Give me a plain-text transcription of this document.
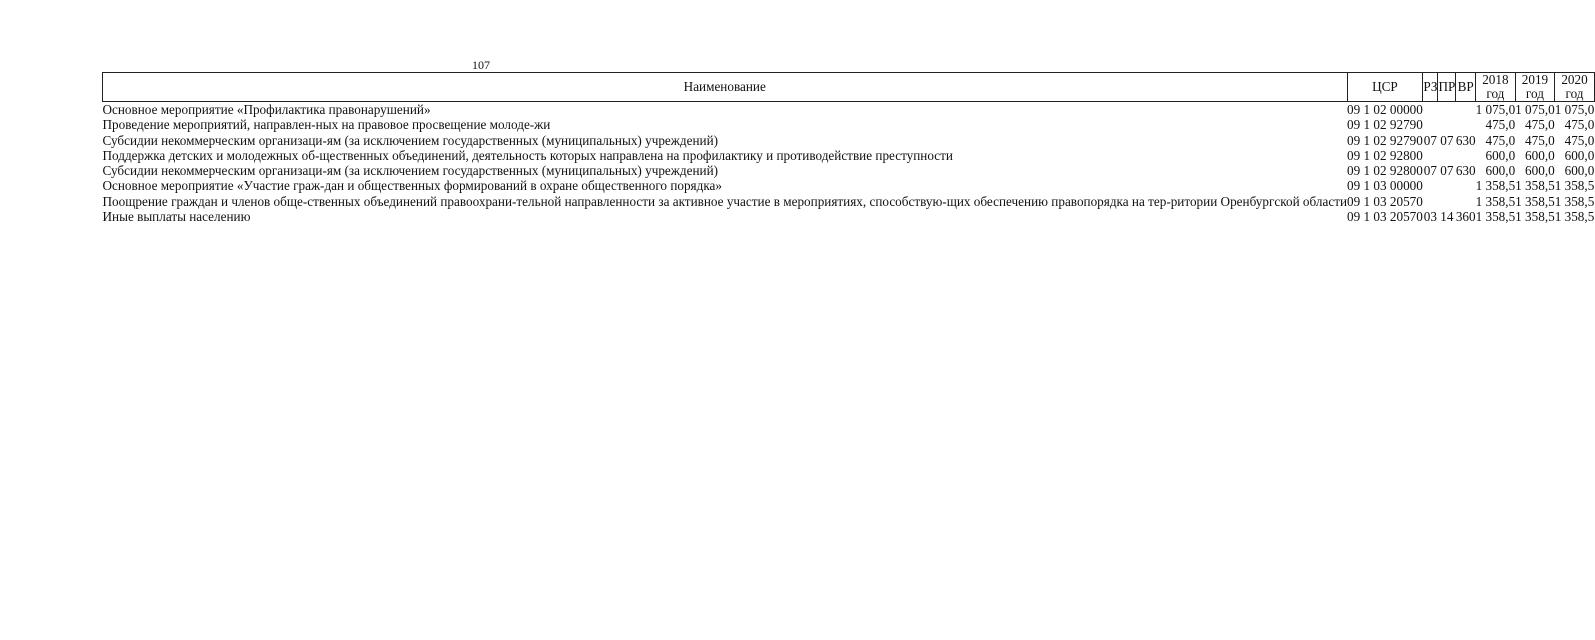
107
Наименование	ЦСР	РЗ	ПР	ВР	2018 год	2019 год	2020 год
Основное мероприятие «Профилактика правонарушений»	09 1 02 00000				1 075,0	1 075,0	1 075,0
Проведение мероприятий, направлен-ных на правовое просвещение молоде-жи	09 1 02 92790				475,0	475,0	475,0
Субсидии некоммерческим организаци-ям (за исключением государственных (муниципальных) учреждений)	09 1 02 92790	07	07	630	475,0	475,0	475,0
Поддержка детских и молодежных об-щественных объединений, деятельность которых направлена на профилактику и противодействие преступности	09 1 02 92800				600,0	600,0	600,0
Субсидии некоммерческим организаци-ям (за исключением государственных (муниципальных) учреждений)	09 1 02 92800	07	07	630	600,0	600,0	600,0
Основное мероприятие «Участие граж-дан и общественных формирований в охране общественного порядка»	09 1 03 00000				1 358,5	1 358,5	1 358,5
Поощрение граждан и членов обще-ственных объединений правоохрани-тельной направленности за активное участие в мероприятиях, способствую-щих обеспечению правопорядка на тер-ритории Оренбургской области	09 1 03 20570				1 358,5	1 358,5	1 358,5
Иные выплаты населению	09 1 03 20570	03	14	360	1 358,5	1 358,5	1 358,5
